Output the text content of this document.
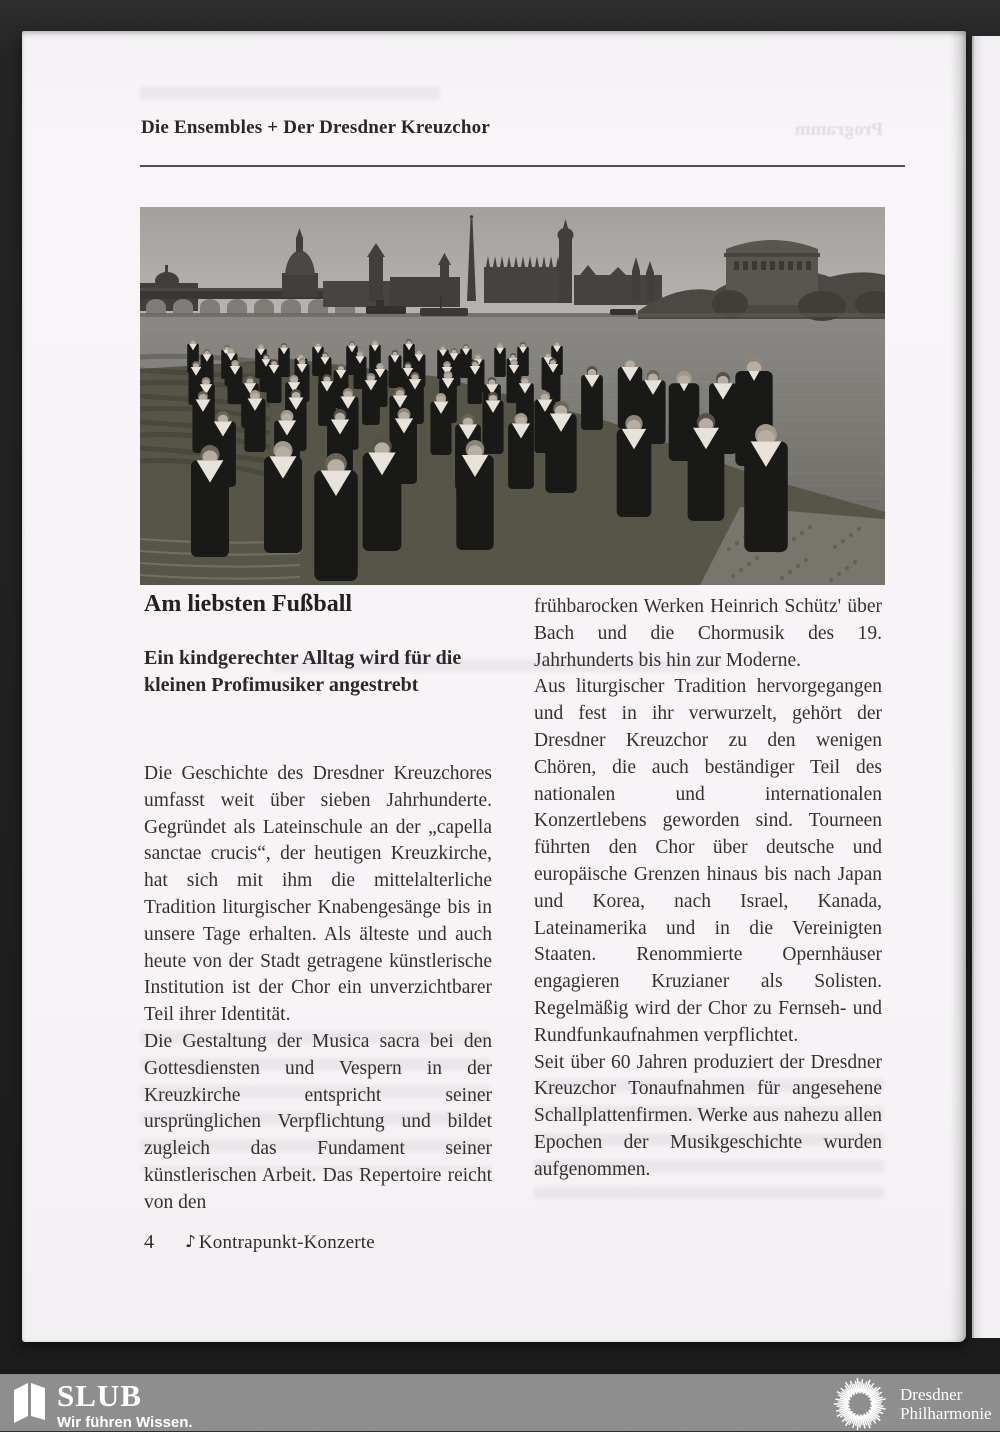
Die Ensembles + Der Dresdner Kreuzchor	Programm
Am liebsten Fußball
Ein kindgerechter Alltag wird für die kleinen Profimusiker angestrebt

Die Geschichte des Dresdner Kreuzchores umfasst weit über sieben Jahrhunderte. Gegründet als Lateinschule an der „capella sanctae crucis“, der heutigen Kreuzkirche, hat sich mit ihm die mittelalterliche Tradition liturgischer Knabengesänge bis in unsere Tage erhalten. Als älteste und auch heute von der Stadt getragene künstlerische Institution ist der Chor ein unverzichtbarer Teil ihrer Identität.

Die Gestaltung der Musica sacra bei den Gottesdiensten und Vespern in der Kreuzkirche entspricht seiner ursprünglichen Verpflichtung und bildet zugleich das Fundament seiner künstlerischen Arbeit. Das Repertoire reicht von den

frühbarocken Werken Heinrich Schütz' über Bach und die Chormusik des 19. Jahrhunderts bis hin zur Moderne.

Aus liturgischer Tradition hervorgegangen und fest in ihr verwurzelt, gehört der Dresdner Kreuzchor zu den wenigen Chören, die auch beständiger Teil des nationalen und internationalen Konzertlebens geworden sind. Tourneen führten den Chor über deutsche und europäische Grenzen hinaus bis nach Japan und Korea, nach Israel, Kanada, Lateinamerika und in die Vereinigten Staaten. Renommierte Opernhäuser engagieren Kruzianer als Solisten. Regelmäßig wird der Chor zu Fernseh- und Rundfunkaufnahmen verpflichtet.

Seit über 60 Jahren produziert der Dresdner Kreuzchor Tonaufnahmen für angesehene Schallplattenfirmen. Werke aus nahezu allen Epochen der Musikgeschichte wurden aufgenommen.

4	♪ Kontrapunkt-Konzerte
SLUB
Wir führen Wissen.
Dresdner
Philharmonie
